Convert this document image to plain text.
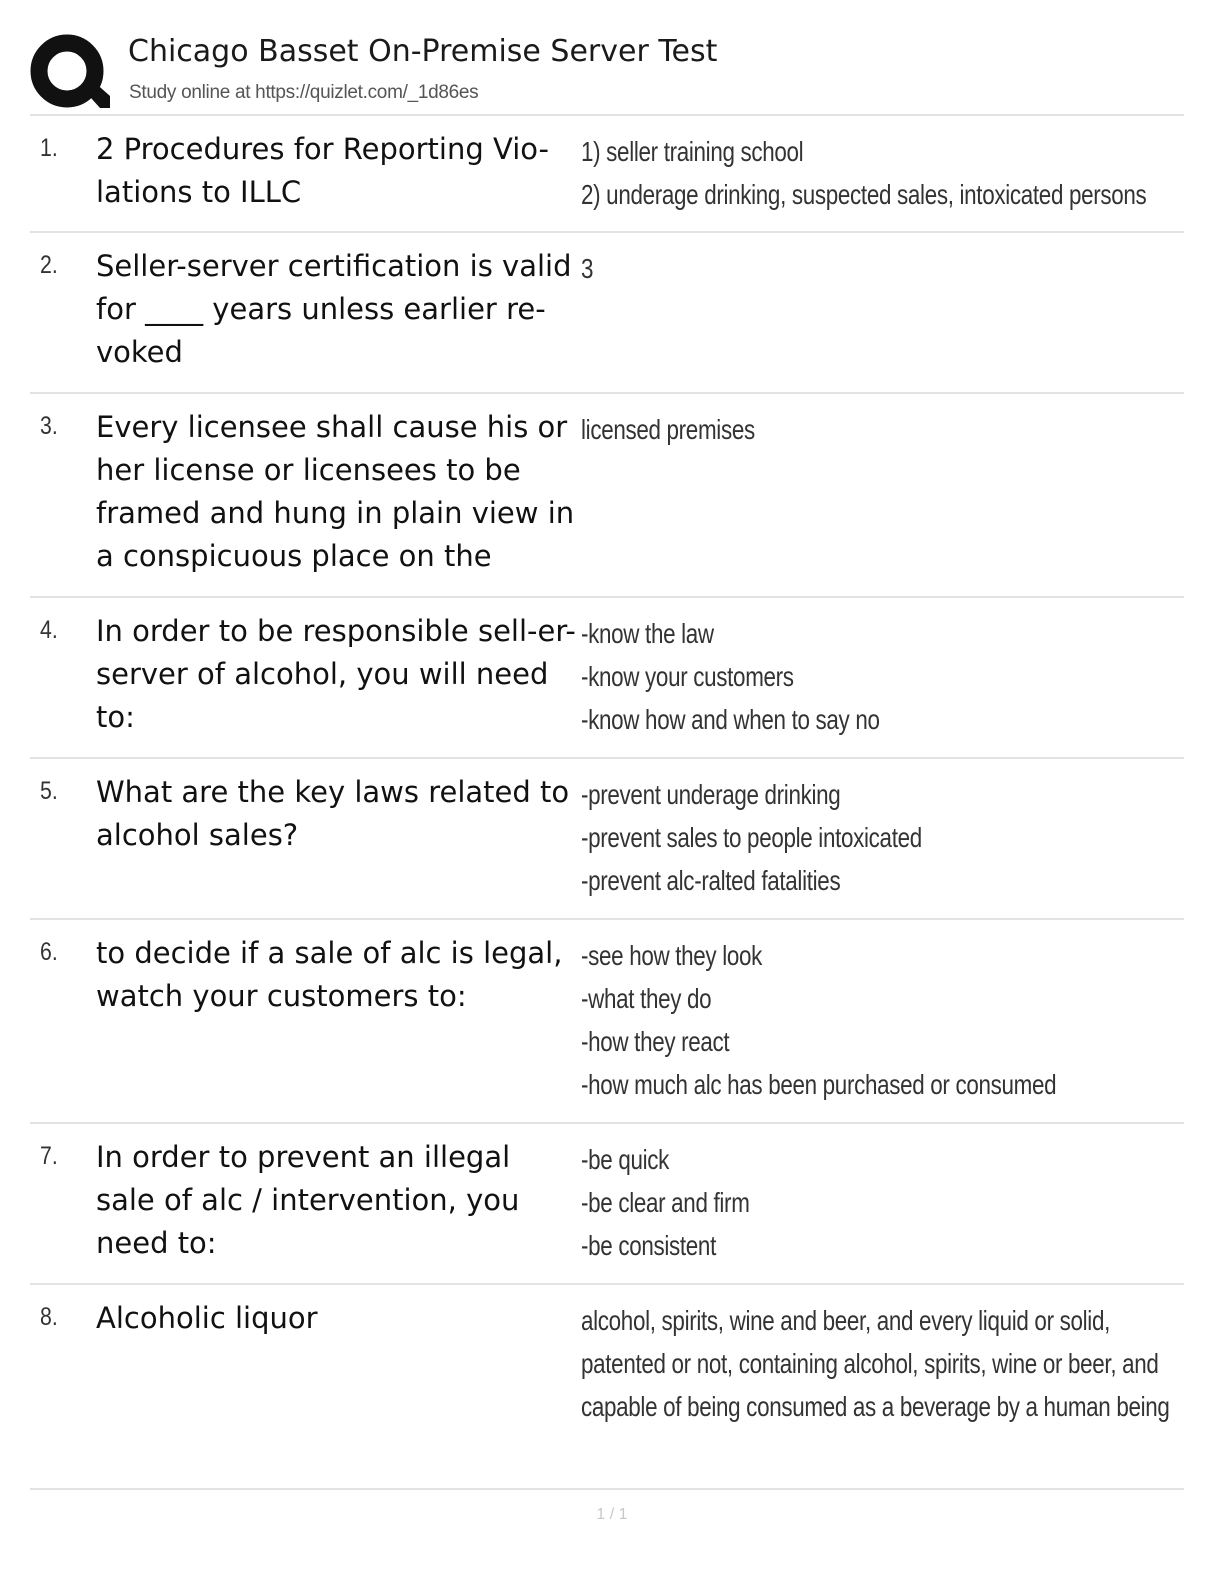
Chicago Basset On-Premise Server Test
Study online at https://quizlet.com/_1d86es
1. 2 Procedures for Reporting Vio-lations to ILLC
1) seller training school
2) underage drinking, suspected sales, intoxicated persons
2. Seller-server certification is valid for ____ years unless earlier re-voked
3
3. Every licensee shall cause his or her license or licensees to be framed and hung in plain view in a conspicuous place on the
licensed premises
4. In order to be responsible sell-er-server of alcohol, you will need to:
-know the law
-know your customers
-know how and when to say no
5. What are the key laws related to alcohol sales?
-prevent underage drinking
-prevent sales to people intoxicated
-prevent alc-ralted fatalities
6. to decide if a sale of alc is legal, watch your customers to:
-see how they look
-what they do
-how they react
-how much alc has been purchased or consumed
7. In order to prevent an illegal sale of alc / intervention, you need to:
-be quick
-be clear and firm
-be consistent
8. Alcoholic liquor	alcohol, spirits, wine and beer, and every liquid or solid, patented or not, containing alcohol, spirits, wine or beer, and capable of being consumed as a beverage by a human being
1 / 1
